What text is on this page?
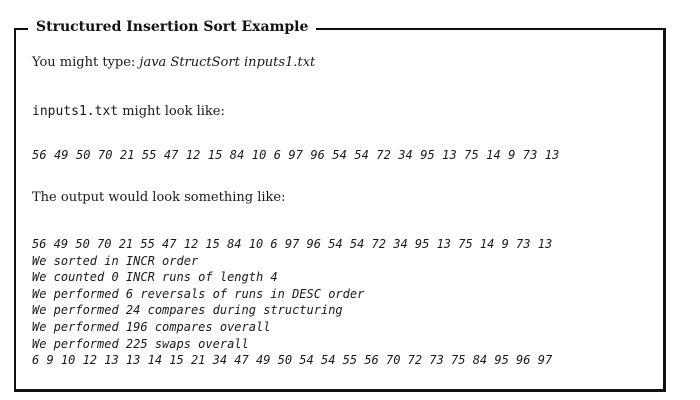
Structured Insertion Sort Example
You might type: java StructSort inputs1.txt
inputs1.txt might look like:
56 49 50 70 21 55 47 12 15 84 10 6 97 96 54 54 72 34 95 13 75 14 9 73 13
The output would look something like:
56 49 50 70 21 55 47 12 15 84 10 6 97 96 54 54 72 34 95 13 75 14 9 73 13
We sorted in INCR order
We counted 0 INCR runs of length 4
We performed 6 reversals of runs in DESC order
We performed 24 compares during structuring
We performed 196 compares overall
We performed 225 swaps overall
6 9 10 12 13 13 14 15 21 34 47 49 50 54 54 55 56 70 72 73 75 84 95 96 97
